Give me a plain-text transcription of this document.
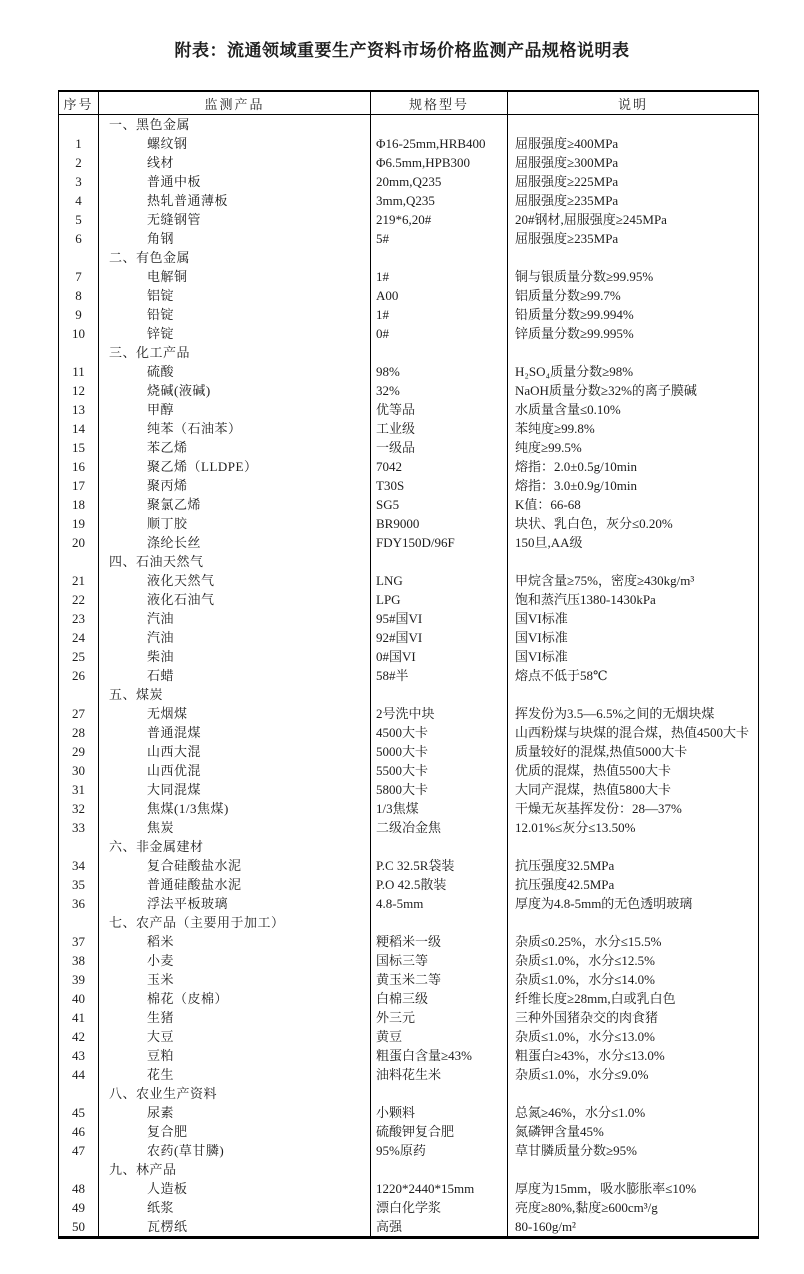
附表：流通领域重要生产资料市场价格监测产品规格说明表
序号	监测产品	规格型号	说明
	一、黑色金属		
1	螺纹钢	Φ16-25mm,HRB400	屈服强度≥400MPa
2	线材	Φ6.5mm,HPB300	屈服强度≥300MPa
3	普通中板	20mm,Q235	屈服强度≥225MPa
4	热轧普通薄板	3mm,Q235	屈服强度≥235MPa
5	无缝钢管	219*6,20#	20#钢材,屈服强度≥245MPa
6	角钢	5#	屈服强度≥235MPa
	二、有色金属		
7	电解铜	1#	铜与银质量分数≥99.95%
8	铝锭	A00	铝质量分数≥99.7%
9	铅锭	1#	铅质量分数≥99.994%
10	锌锭	0#	锌质量分数≥99.995%
	三、化工产品		
11	硫酸	98%	H₂SO₄质量分数≥98%
12	烧碱(液碱)	32%	NaOH质量分数≥32%的离子膜碱
13	甲醇	优等品	水质量含量≤0.10%
14	纯苯（石油苯）	工业级	苯纯度≥99.8%
15	苯乙烯	一级品	纯度≥99.5%
16	聚乙烯（LLDPE）	7042	熔指：2.0±0.5g/10min
17	聚丙烯	T30S	熔指：3.0±0.9g/10min
18	聚氯乙烯	SG5	K值：66-68
19	顺丁胶	BR9000	块状、乳白色，灰分≤0.20%
20	涤纶长丝	FDY150D/96F	150旦,AA级
	四、石油天然气		
21	液化天然气	LNG	甲烷含量≥75%，密度≥430kg/m³
22	液化石油气	LPG	饱和蒸汽压1380-1430kPa
23	汽油	95#国VI	国VI标准
24	汽油	92#国VI	国VI标准
25	柴油	0#国VI	国VI标准
26	石蜡	58#半	熔点不低于58℃
	五、煤炭		
27	无烟煤	2号洗中块	挥发份为3.5—6.5%之间的无烟块煤
28	普通混煤	4500大卡	山西粉煤与块煤的混合煤，热值4500大卡
29	山西大混	5000大卡	质量较好的混煤,热值5000大卡
30	山西优混	5500大卡	优质的混煤，热值5500大卡
31	大同混煤	5800大卡	大同产混煤，热值5800大卡
32	焦煤(1/3焦煤)	1/3焦煤	干燥无灰基挥发份：28—37%
33	焦炭	二级冶金焦	12.01%≤灰分≤13.50%
	六、非金属建材		
34	复合硅酸盐水泥	P.C 32.5R袋装	抗压强度32.5MPa
35	普通硅酸盐水泥	P.O 42.5散装	抗压强度42.5MPa
36	浮法平板玻璃	4.8-5mm	厚度为4.8-5mm的无色透明玻璃
	七、农产品（主要用于加工）		
37	稻米	粳稻米一级	杂质≤0.25%，水分≤15.5%
38	小麦	国标三等	杂质≤1.0%，水分≤12.5%
39	玉米	黄玉米二等	杂质≤1.0%，水分≤14.0%
40	棉花（皮棉）	白棉三级	纤维长度≥28mm,白或乳白色
41	生猪	外三元	三种外国猪杂交的肉食猪
42	大豆	黄豆	杂质≤1.0%，水分≤13.0%
43	豆粕	粗蛋白含量≥43%	粗蛋白≥43%，水分≤13.0%
44	花生	油料花生米	杂质≤1.0%，水分≤9.0%
	八、农业生产资料		
45	尿素	小颗料	总氮≥46%，水分≤1.0%
46	复合肥	硫酸钾复合肥	氮磷钾含量45%
47	农药(草甘膦)	95%原药	草甘膦质量分数≥95%
	九、林产品		
48	人造板	1220*2440*15mm	厚度为15mm，吸水膨胀率≤10%
49	纸浆	漂白化学浆	亮度≥80%,黏度≥600cm³/g
50	瓦楞纸	高强	80-160g/m²
